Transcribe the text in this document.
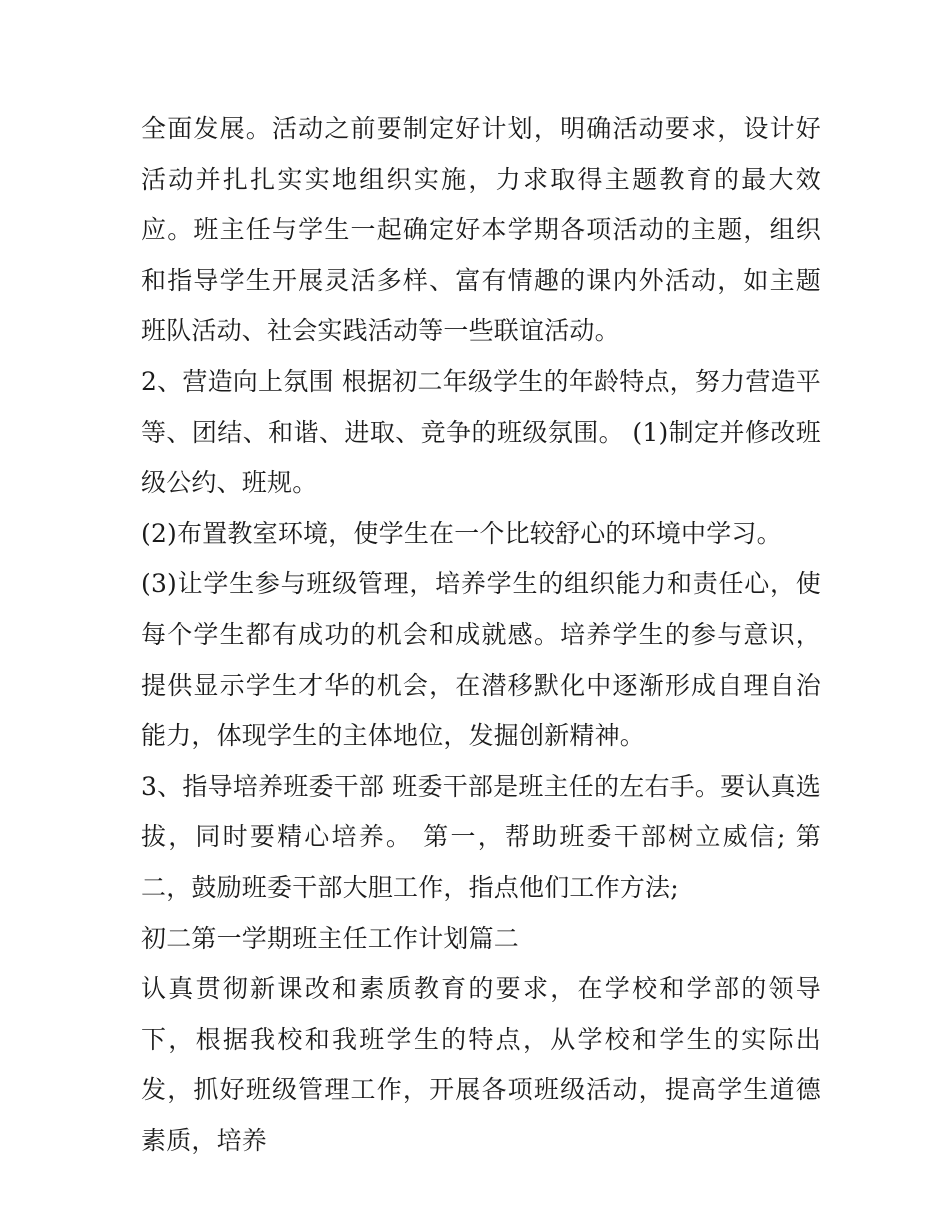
全面发展。活动之前要制定好计划，明确活动要求，设计好活动并扎扎实实地组织实施，力求取得主题教育的最大效应。班主任与学生一起确定好本学期各项活动的主题，组织和指导学生开展灵活多样、富有情趣的课内外活动，如主题班队活动、社会实践活动等一些联谊活动。

2、营造向上氛围 根据初二年级学生的年龄特点，努力营造平等、团结、和谐、进取、竞争的班级氛围。 (1)制定并修改班级公约、班规。

(2)布置教室环境，使学生在一个比较舒心的环境中学习。

(3)让学生参与班级管理，培养学生的组织能力和责任心，使每个学生都有成功的机会和成就感。培养学生的参与意识，提供显示学生才华的机会，在潜移默化中逐渐形成自理自治能力，体现学生的主体地位，发掘创新精神。

3、指导培养班委干部 班委干部是班主任的左右手。要认真选拔，同时要精心培养。 第一，帮助班委干部树立威信; 第二，鼓励班委干部大胆工作，指点他们工作方法;

初二第一学期班主任工作计划篇二

认真贯彻新课改和素质教育的要求，在学校和学部的领导下，根据我校和我班学生的特点，从学校和学生的实际出发，抓好班级管理工作，开展各项班级活动，提高学生道德素质，培养
